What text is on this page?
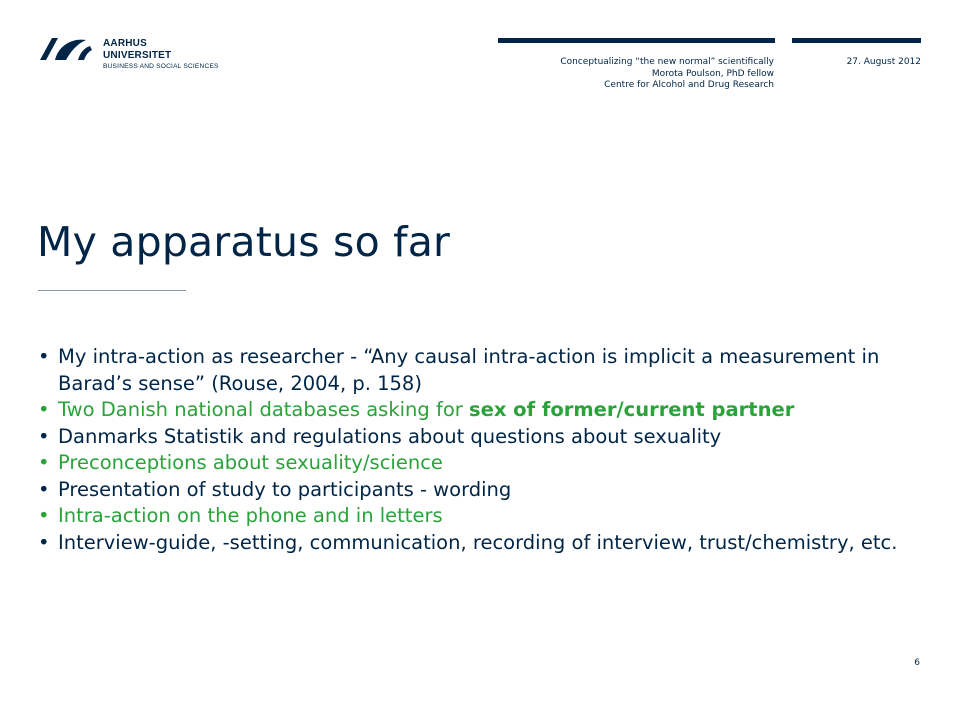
AARHUS
UNIVERSITET
BUSINESS AND SOCIAL SCIENCES	Conceptualizing “the new normal” scientifically
Morota Poulson, PhD fellow
Centre for Alcohol and Drug Research
27. August 2012
My apparatus so far
• My intra-action as researcher - “Any causal intra-action is implicit a measurement in Barad’s sense” (Rouse, 2004, p. 158)
• Two Danish national databases asking for sex of former/current partner
• Danmarks Statistik and regulations about questions about sexuality
• Preconceptions about sexuality/science
• Presentation of study to participants - wording
• Intra-action on the phone and in letters
• Interview-guide, -setting, communication, recording of interview, trust/chemistry, etc.
6
